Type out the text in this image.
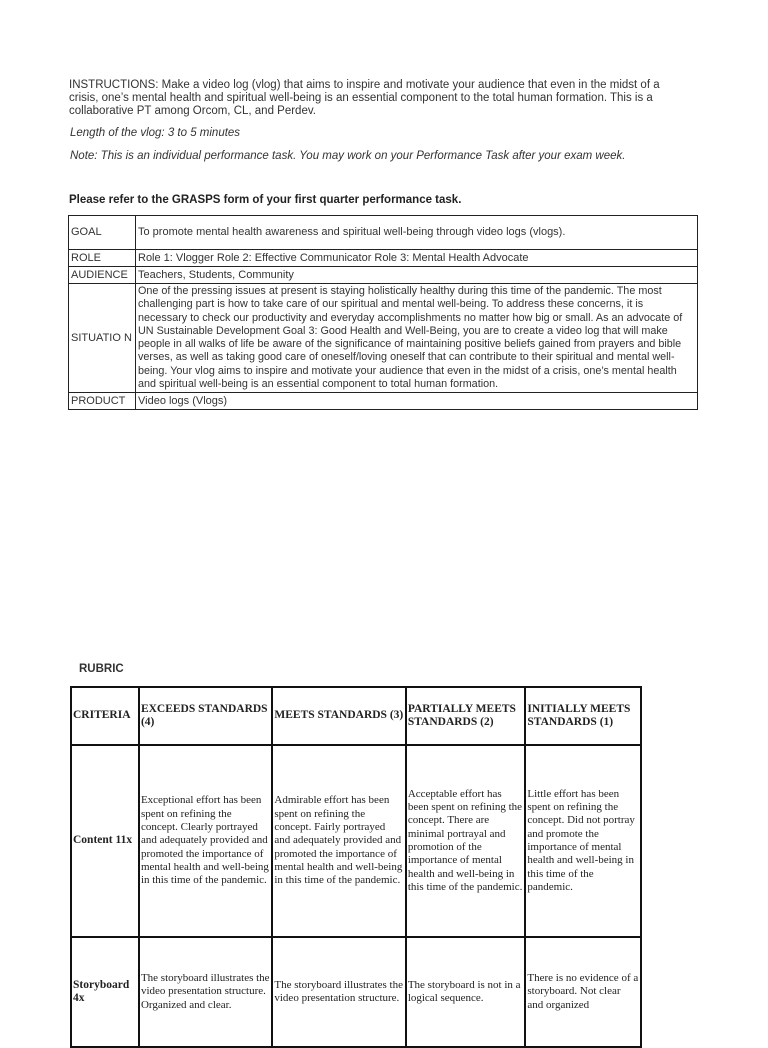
INSTRUCTIONS: Make a video log (vlog) that aims to inspire and motivate your audience that even in the midst of a crisis, one’s mental health and spiritual well-being is an essential component to the total human formation. This is a collaborative PT among Orcom, CL, and Perdev.

Length of the vlog: 3 to 5 minutes

Note: This is an individual performance task. You may work on your Performance Task after your exam week.

Please refer to the GRASPS form of your first quarter performance task.

GOAL	To promote mental health awareness and spiritual well-being through video logs (vlogs).
ROLE	Role 1: Vlogger Role 2: Effective Communicator Role 3: Mental Health Advocate
AUDIENCE	Teachers, Students, Community
SITUATIO N	One of the pressing issues at present is staying holistically healthy during this time of the pandemic. The most challenging part is how to take care of our spiritual and mental well-being. To address these concerns, it is necessary to check our productivity and everyday accomplishments no matter how big or small. As an advocate of UN Sustainable Development Goal 3: Good Health and Well-Being, you are to create a video log that will make people in all walks of life be aware of the significance of maintaining positive beliefs gained from prayers and bible verses, as well as taking good care of oneself/loving oneself that can contribute to their spiritual and mental well-being. Your vlog aims to inspire and motivate your audience that even in the midst of a crisis, one’s mental health and spiritual well-being is an essential component to total human formation.
PRODUCT	Video logs (Vlogs)
RUBRIC
CRITERIA	EXCEEDS STANDARDS (4)	MEETS STANDARDS (3)	PARTIALLY MEETS STANDARDS (2)	INITIALLY MEETS STANDARDS (1)
Content 11x	Exceptional effort has been spent on refining the concept. Clearly portrayed and adequately provided and promoted the importance of mental health and well-being in this time of the pandemic.	Admirable effort has been spent on refining the concept. Fairly portrayed and adequately provided and promoted the importance of mental health and well-being in this time of the pandemic.	Acceptable effort has been spent on refining the concept. There are minimal portrayal and promotion of the importance of mental health and well-being in this time of the pandemic.	Little effort has been spent on refining the concept. Did not portray and promote the importance of mental health and well-being in this time of the pandemic.
Storyboard 4x	The storyboard illustrates the video presentation structure. Organized and clear.	The storyboard illustrates the video presentation structure.	The storyboard is not in a logical sequence.	There is no evidence of a storyboard. Not clear and organized
